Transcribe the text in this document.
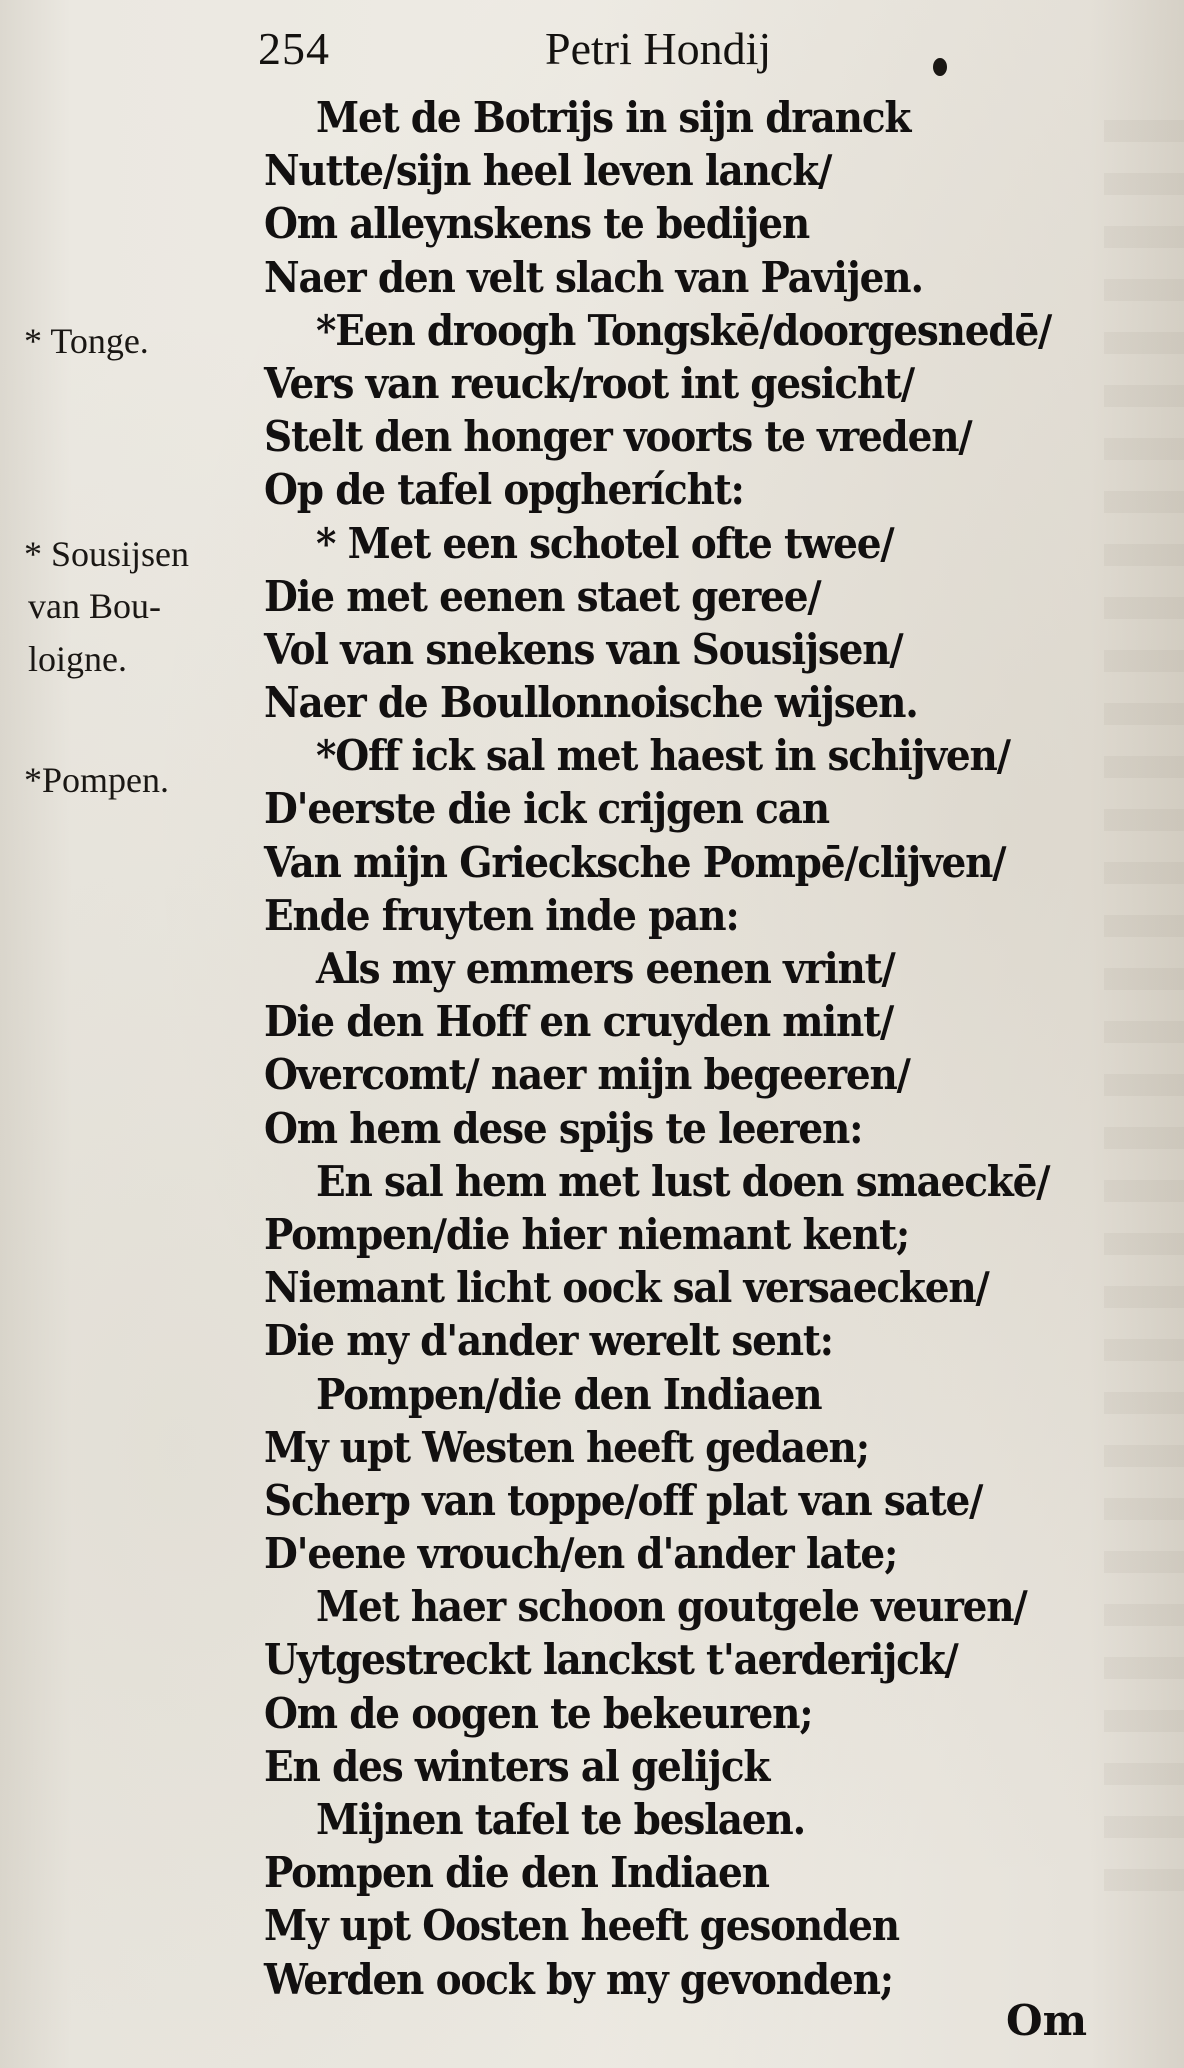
254	Petri Hondij
* Tonge.
* Sousijsen
van Bou-
loigne.
*Pompen.
Met de Botrijs in sijn dranck
Nutte/sijn heel leven lanck/
Om alleynskens te bedijen
Naer den velt slach van Pavijen.
*Een droogh Tongskē/doorgesnedē/
Vers van reuck/root int gesicht/
Stelt den honger voorts te vreden/
Op de tafel opgherícht:
* Met een schotel ofte twee/
Die met eenen staet geree/
Vol van snekens van Sousijsen/
Naer de Boullonnoische wijsen.
*Off ick sal met haest in schijven/
D'eerste die ick crijgen can
Van mijn Griecksche Pompē/clijven/
Ende fruyten inde pan:
Als my emmers eenen vrint/
Die den Hoff en cruyden mint/
Overcomt/ naer mijn begeeren/
Om hem dese spijs te leeren:
En sal hem met lust doen smaeckē/
Pompen/die hier niemant kent;
Niemant licht oock sal versaecken/
Die my d'ander werelt sent:
Pompen/die den Indiaen
My upt Westen heeft gedaen;
Scherp van toppe/off plat van sate/
D'eene vrouch/en d'ander late;
Met haer schoon goutgele veuren/
Uytgestreckt lanckst t'aerderijck/
Om de oogen te bekeuren;
En des winters al gelijck
Mijnen tafel te beslaen.
Pompen die den Indiaen
My upt Oosten heeft gesonden
Werden oock by my gevonden;
Om
